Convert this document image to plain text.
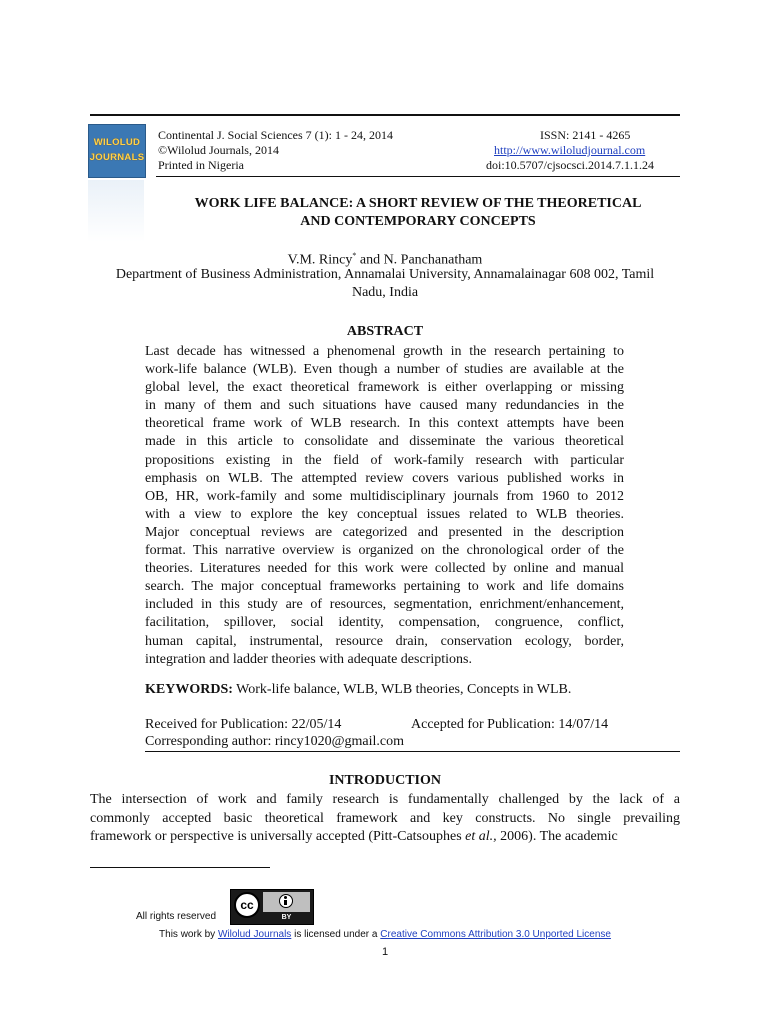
WILOLUD
JOURNALS
Continental J. Social Sciences 7 (1): 1 - 24, 2014
©Wilolud Journals, 2014
Printed in Nigeria
ISSN: 2141 - 4265
http://www.wiloludjournal.com
doi:10.5707/cjsocsci.2014.7.1.1.24
WORK LIFE BALANCE: A SHORT REVIEW OF THE THEORETICAL
AND CONTEMPORARY CONCEPTS
V.M. Rincy* and N. Panchanatham
Department of Business Administration, Annamalai University, Annamalainagar 608 002, Tamil
Nadu, India
ABSTRACT
Last decade has witnessed a phenomenal growth in the research pertaining to
work-life balance (WLB). Even though a number of studies are available at the
global level, the exact theoretical framework is either overlapping or missing
in many of them and such situations have caused many redundancies in the
theoretical frame work of WLB research. In this context attempts have been
made in this article to consolidate and disseminate the various theoretical
propositions existing in the field of work-family research with particular
emphasis on WLB. The attempted review covers various published works in
OB, HR, work-family and some multidisciplinary journals from 1960 to 2012
with a view to explore the key conceptual issues related to WLB theories.
Major conceptual reviews are categorized and presented in the description
format. This narrative overview is organized on the chronological order of the
theories. Literatures needed for this work were collected by online and manual
search. The major conceptual frameworks pertaining to work and life domains
included in this study are of resources, segmentation, enrichment/enhancement,
facilitation, spillover, social identity, compensation, congruence, conflict,
human capital, instrumental, resource drain, conservation ecology, border,
integration and ladder theories with adequate descriptions.
KEYWORDS: Work-life balance, WLB, WLB theories, Concepts in WLB.
Received for Publication: 22/05/14	Accepted for Publication: 14/07/14
Corresponding author: rincy1020@gmail.com
INTRODUCTION
The intersection of work and family research is fundamentally challenged by the lack of a
commonly accepted basic theoretical framework and key constructs. No single prevailing
framework or perspective is universally accepted (Pitt-Catsouphes et al., 2006). The academic
All rights reserved
cc
BY
This work by Wilolud Journals is licensed under a Creative Commons Attribution 3.0 Unported License
1
